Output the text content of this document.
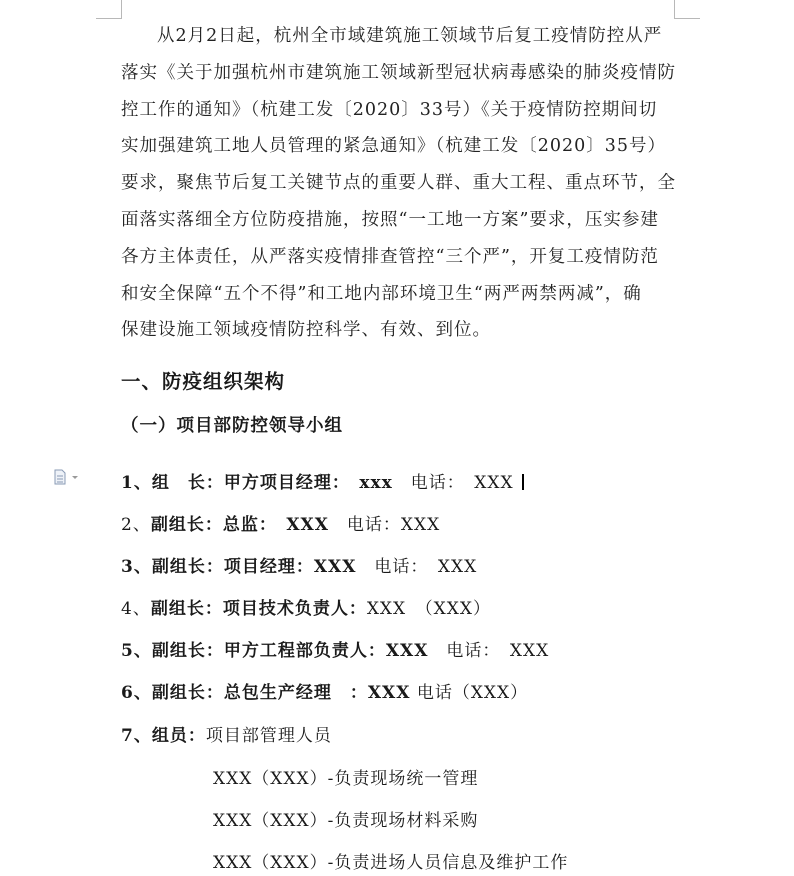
从2月2日起，杭州全市域建筑施工领域节后复工疫情防控从严
落实《关于加强杭州市建筑施工领域新型冠状病毒感染的肺炎疫情防
控工作的通知》（杭建工发〔2020〕33号）《关于疫情防控期间切
实加强建筑工地人员管理的紧急通知》（杭建工发〔2020〕35号）
要求，聚焦节后复工关键节点的重要人群、重大工程、重点环节，全
面落实落细全方位防疫措施，按照“一工地一方案”要求，压实参建
各方主体责任，从严落实疫情排查管控“三个严”，开复工疫情防范
和安全保障“五个不得”和工地内部环境卫生“两严两禁两减”，确
保建设施工领域疫情防控科学、有效、到位。
一、防疫组织架构
（一）项目部防控领导小组
1、组　长：甲方项目经理：　xxx　电话：　XXX
2、副组长：总监：　XXX　电话：XXX
3、副组长：项目经理：XXX　电话：　XXX
4、副组长：项目技术负责人：XXX　（XXX）
5、副组长：甲方工程部负责人：XXX　电话：　XXX
6、副组长：总包生产经理　：XXX 电话（XXX）
7、组员：项目部管理人员
XXX（XXX）-负责现场统一管理
XXX（XXX）-负责现场材料采购
XXX（XXX）-负责进场人员信息及维护工作
